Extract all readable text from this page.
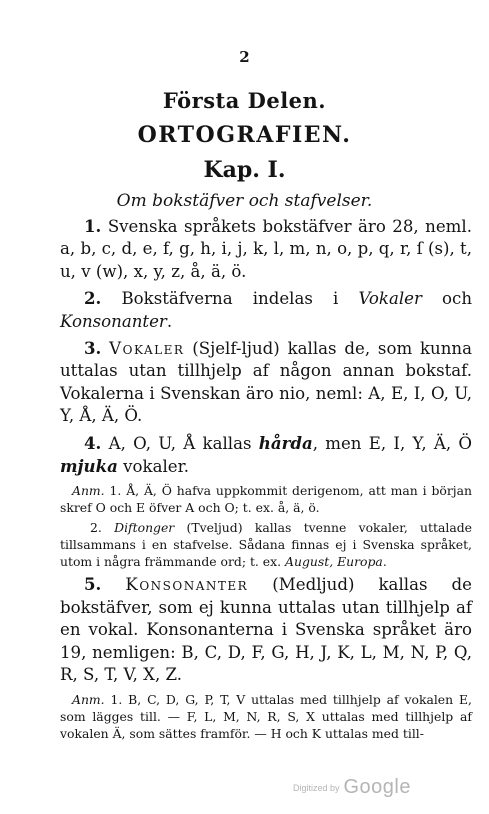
2
Första Delen.
ORTOGRAFIEN.
Kap. I.
Om bokstäfver och stafvelser.

1. Svenska språkets bokstäfver äro 28, neml. a, b, c, d, e, f, g, h, i, j, k, l, m, n, o, p, q, r, ſ (s), t, u, v (w), x, y, z, å, ä, ö.

2. Bokstäfverna indelas i Vokaler och Konsonanter.

3. Vokaler (Sjelf-ljud) kallas de, som kunna uttalas utan tillhjelp af någon annan bokstaf. Vokalerna i Svenskan äro nio, neml: A, E, I, O, U, Y, Å, Ä, Ö.

4. A, O, U, Å kallas hårda, men E, I, Y, Ä, Ö mjuka vokaler.

Anm. 1. Å, Ä, Ö hafva uppkommit derigenom, att man i början skref O och E öfver A och O; t. ex. å, ä, ö.

2. Diftonger (Tveljud) kallas tvenne vokaler, uttalade tillsammans i en stafvelse. Sådana finnas ej i Svenska språket, utom i några främmande ord; t. ex. August, Europa.

5. Konsonanter (Medljud) kallas de bokstäfver, som ej kunna uttalas utan tillhjelp af en vokal. Konsonanterna i Svenska språket äro 19, nemligen: B, C, D, F, G, H, J, K, L, M, N, P, Q, R, S, T, V, X, Z.

Anm. 1. B, C, D, G, P, T, V uttalas med tillhjelp af vokalen E, som lägges till. — F, L, M, N, R, S, X uttalas med tillhjelp af vokalen Ä, som sättes framför. — H och K uttalas med till-

Digitized by Google
